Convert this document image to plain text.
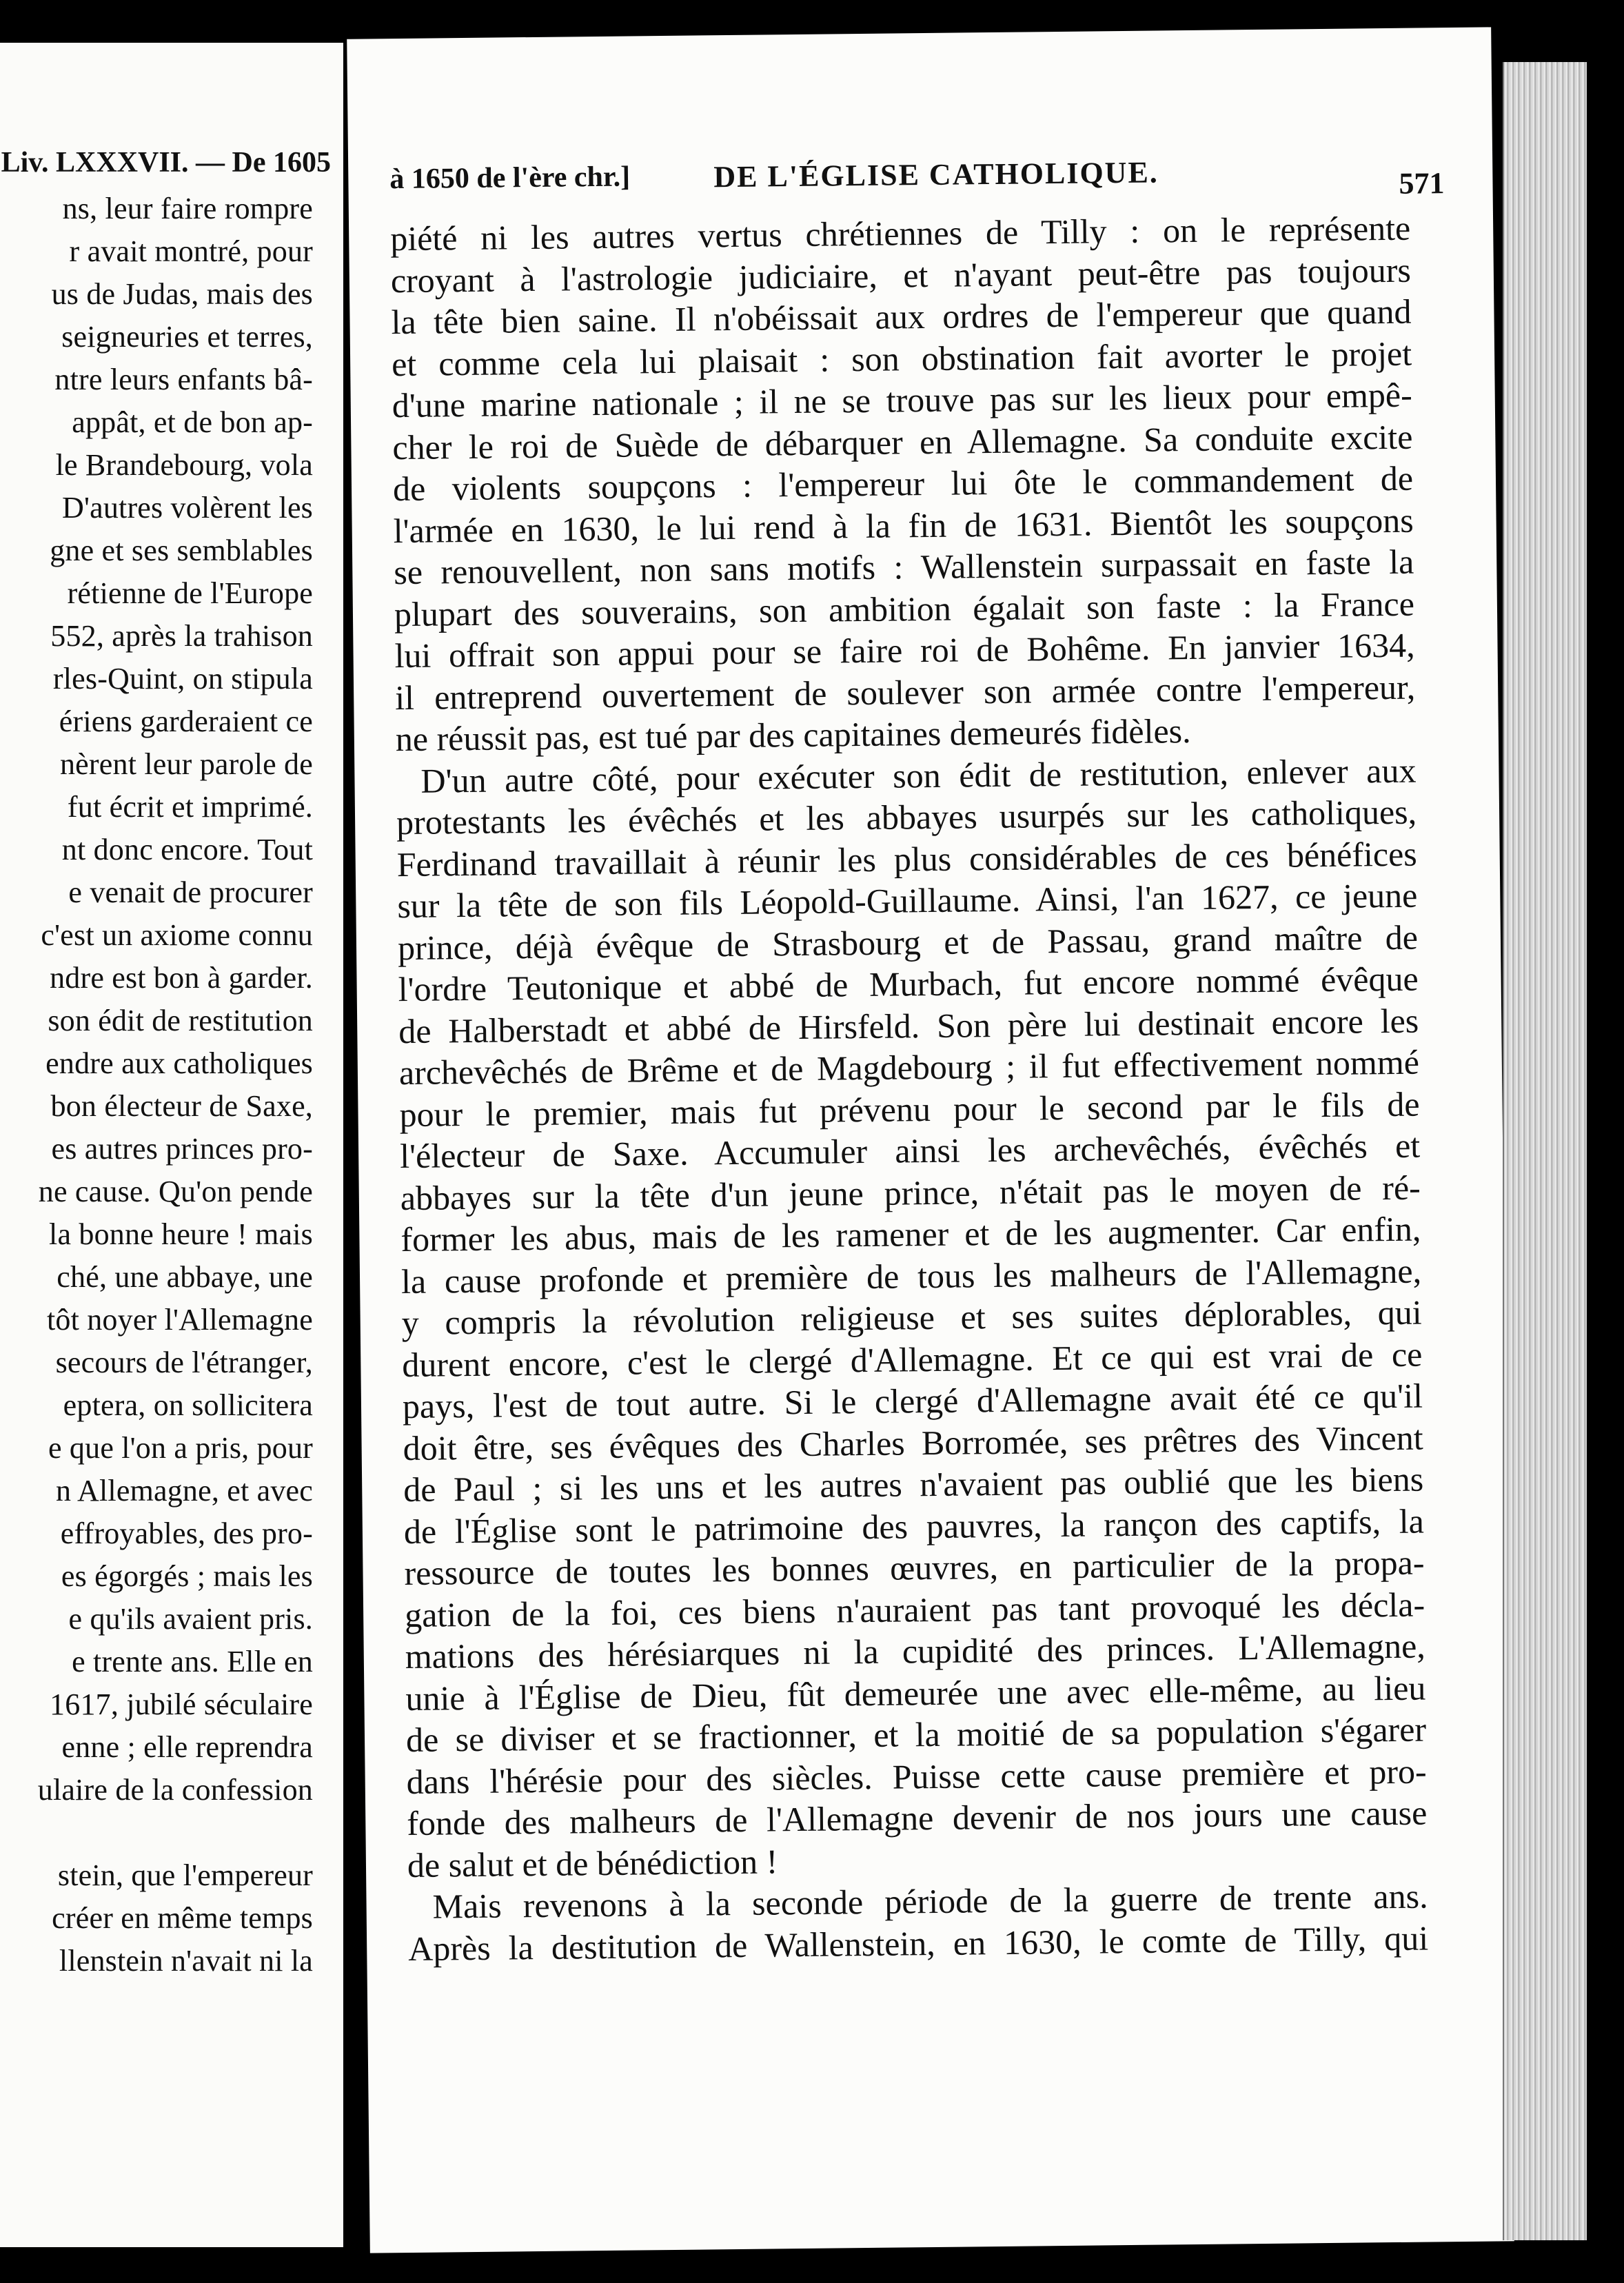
Liv. LXXXVII. — De 1605
ns, leur faire rompre
r avait montré, pour
us de Judas, mais des
seigneuries et terres,
ntre leurs enfants bâ-
appât, et de bon ap-
le Brandebourg, vola
D'autres volèrent les
gne et ses semblables
rétienne de l'Europe
552, après la trahison
rles-Quint, on stipula
ériens garderaient ce
nèrent leur parole de
fut écrit et imprimé.
nt donc encore. Tout
e venait de procurer
c'est un axiome connu
ndre est bon à garder.
son édit de restitution
endre aux catholiques
bon électeur de Saxe,
es autres princes pro-
ne cause. Qu'on pende
la bonne heure ! mais
ché, une abbaye, une
tôt noyer l'Allemagne
secours de l'étranger,
eptera, on sollicitera
e que l'on a pris, pour
n Allemagne, et avec
effroyables, des pro-
es égorgés ; mais les
e qu'ils avaient pris.
e trente ans. Elle en
1617, jubilé séculaire
enne ; elle reprendra
ulaire de la confession
stein, que l'empereur
créer en même temps
llenstein n'avait ni la
à 1650 de l'ère chr.]	DE L'ÉGLISE CATHOLIQUE.	571
piété ni les autres vertus chrétiennes de Tilly : on le représente
croyant à l'astrologie judiciaire, et n'ayant peut-être pas toujours
la tête bien saine. Il n'obéissait aux ordres de l'empereur que quand
et comme cela lui plaisait : son obstination fait avorter le projet
d'une marine nationale ; il ne se trouve pas sur les lieux pour empê-
cher le roi de Suède de débarquer en Allemagne. Sa conduite excite
de violents soupçons : l'empereur lui ôte le commandement de
l'armée en 1630, le lui rend à la fin de 1631. Bientôt les soupçons
se renouvellent, non sans motifs : Wallenstein surpassait en faste la
plupart des souverains, son ambition égalait son faste : la France
lui offrait son appui pour se faire roi de Bohême. En janvier 1634,
il entreprend ouvertement de soulever son armée contre l'empereur,
ne réussit pas, est tué par des capitaines demeurés fidèles.
D'un autre côté, pour exécuter son édit de restitution, enlever aux
protestants les évêchés et les abbayes usurpés sur les catholiques,
Ferdinand travaillait à réunir les plus considérables de ces bénéfices
sur la tête de son fils Léopold-Guillaume. Ainsi, l'an 1627, ce jeune
prince, déjà évêque de Strasbourg et de Passau, grand maître de
l'ordre Teutonique et abbé de Murbach, fut encore nommé évêque
de Halberstadt et abbé de Hirsfeld. Son père lui destinait encore les
archevêchés de Brême et de Magdebourg ; il fut effectivement nommé
pour le premier, mais fut prévenu pour le second par le fils de
l'électeur de Saxe. Accumuler ainsi les archevêchés, évêchés et
abbayes sur la tête d'un jeune prince, n'était pas le moyen de ré-
former les abus, mais de les ramener et de les augmenter. Car enfin,
la cause profonde et première de tous les malheurs de l'Allemagne,
y compris la révolution religieuse et ses suites déplorables, qui
durent encore, c'est le clergé d'Allemagne. Et ce qui est vrai de ce
pays, l'est de tout autre. Si le clergé d'Allemagne avait été ce qu'il
doit être, ses évêques des Charles Borromée, ses prêtres des Vincent
de Paul ; si les uns et les autres n'avaient pas oublié que les biens
de l'Église sont le patrimoine des pauvres, la rançon des captifs, la
ressource de toutes les bonnes œuvres, en particulier de la propa-
gation de la foi, ces biens n'auraient pas tant provoqué les décla-
mations des hérésiarques ni la cupidité des princes. L'Allemagne,
unie à l'Église de Dieu, fût demeurée une avec elle-même, au lieu
de se diviser et se fractionner, et la moitié de sa population s'égarer
dans l'hérésie pour des siècles. Puisse cette cause première et pro-
fonde des malheurs de l'Allemagne devenir de nos jours une cause
de salut et de bénédiction !
Mais revenons à la seconde période de la guerre de trente ans.
Après la destitution de Wallenstein, en 1630, le comte de Tilly, qui
